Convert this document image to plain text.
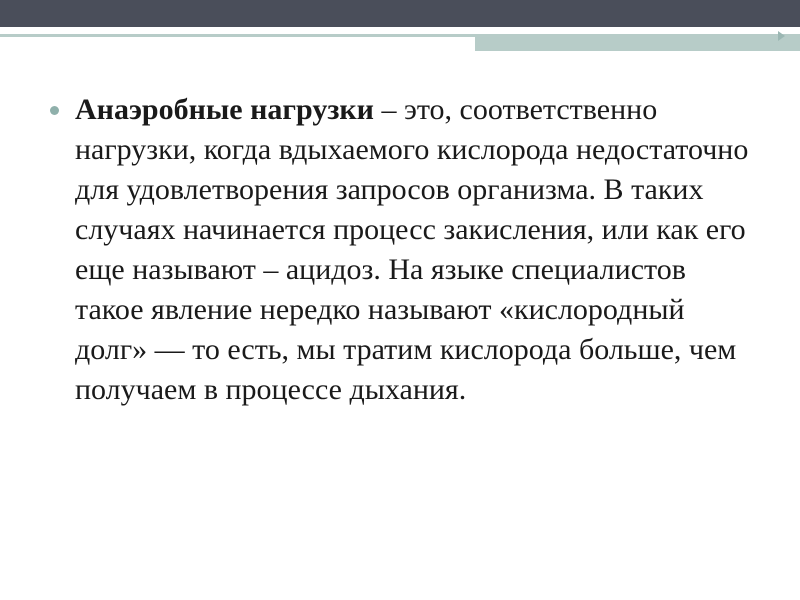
Анаэробные нагрузки – это, соответственно нагрузки, когда вдыхаемого кислорода недостаточно для удовлетворения запросов организма. В таких случаях начинается процесс закисления, или как его еще называют – ацидоз. На языке специалистов такое явление нередко называют «кислородный долг» — то есть, мы тратим кислорода больше, чем получаем в процессе дыхания.
